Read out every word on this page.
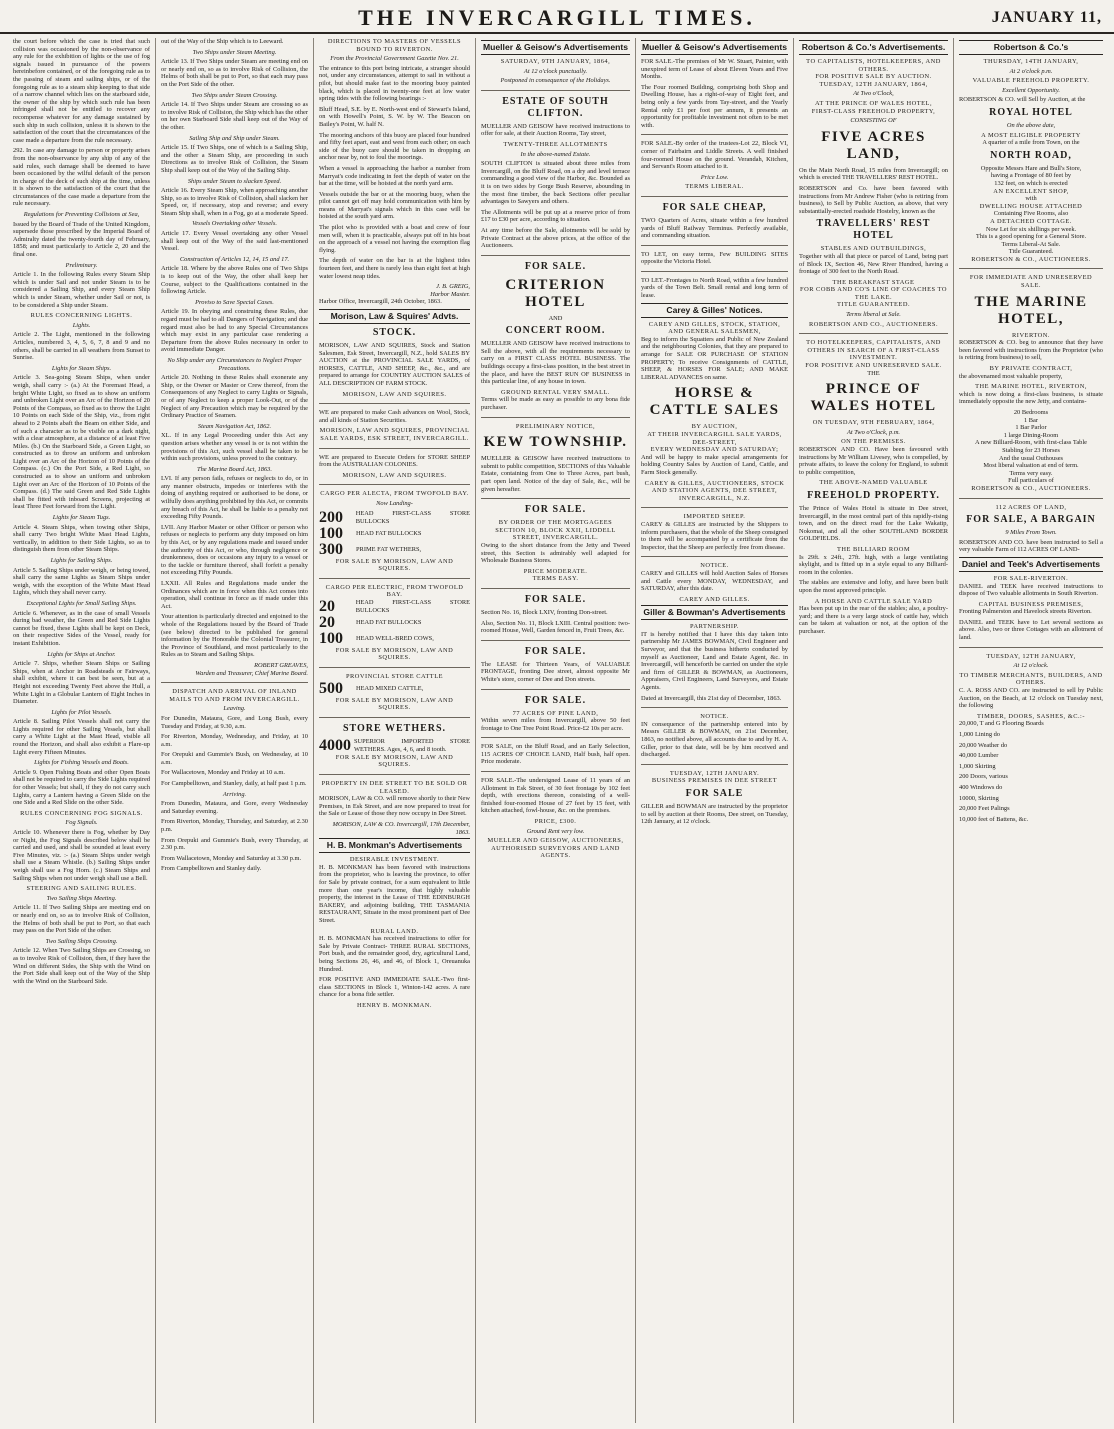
THE INVERCARGILL TIMES.	JANUARY 11,
the court before which the case is tried that such collision was occasioned by the non-observance of any rule for the exhibition of lights or the use of fog signals issued in pursuance of the powers hereinbefore contained, or of the foregoing rule as to the passing of steam and sailing ships, or of the foregoing rule as to a steam ship keeping to that side of a narrow channel which lies on the starboard side, the owner of the ship by which such rule has been infringed shall not be entitled to recover any recompense whatever for any damage sustained by such ship in such collision, unless it is shown to the satisfaction of the court that the circumstances of the case made a departure from the rule necessary.
292. In case any damage to person or property arises from the non-observance by any ship of any of the said rules, such damage shall be deemed to have been occasioned by the wilful default of the person in charge of the deck of such ship at the time, unless it is shown to the satisfaction of the court that the circumstances of the case made a departure from the rule necessary.
Regulations for Preventing Collisions at Sea,
Issued by the Board of Trade of the United Kingdom, supersede those prescribed by the Imperial Board of Admiralty dated the twenty-fourth day of February, 1858; and must particularly to Article 2, 20 and the final one.
Preliminary.
Article 1. In the following Rules every Steam Ship which is under Sail and not under Steam is to be considered a Sailing Ship, and every Steam Ship which is under Steam, whether under Sail or not, is to be considered a Ship under Steam.
RULES CONCERNING LIGHTS.
Lights.
Article 2. The Light, mentioned in the following Articles, numbered 3, 4, 5, 6, 7, 8 and 9 and no others, shall be carried in all weathers from Sunset to Sunrise.
Lights for Steam Ships.
Article 3. Sea-going Steam Ships, when under weigh, shall carry :- (a.) At the Foremast Head, a bright White Light, so fixed as to show an uniform and unbroken Light over an Arc of the Horizon of 20 Points of the Compass, so fixed as to throw the Light 10 Points on each Side of the Ship, viz., from right ahead to 2 Points abaft the Beam on either Side, and of such a character as to be visible on a dark night, with a clear atmosphere, at a distance of at least Five Miles. (b.) On the Starboard Side, a Green Light, so constructed as to throw an uniform and unbroken Light over an Arc of the Horizon of 10 Points of the Compass. (c.) On the Port Side, a Red Light, so constructed as to show an uniform and unbroken Light over an Arc of the Horizon of 10 Points of the Compass. (d.) The said Green and Red Side Lights shall be fitted with inboard Screens, projecting at least Three Feet forward from the Light.
Lights for Steam Tugs.
Article 4. Steam Ships, when towing other Ships, shall carry Two bright White Mast Head Lights, vertically, in addition to their Side Lights, so as to distinguish them from other Steam Ships.
Lights for Sailing Ships.
Article 5. Sailing Ships under weigh, or being towed, shall carry the same Lights as Steam Ships under weigh, with the exception of the White Mast Head Lights, which they shall never carry.
Exceptional Lights for Small Sailing Ships.
Article 6. Whenever, as in the case of small Vessels during bad weather, the Green and Red Side Lights cannot be fixed, these Lights shall be kept on Deck, on their respective Sides of the Vessel, ready for instant Exhibition.
Lights for Ships at Anchor.
Article 7. Ships, whether Steam Ships or Sailing Ships, when at Anchor in Roadsteads or Fairways, shall exhibit, where it can best be seen, but at a Height not exceeding Twenty Feet above the Hull, a White Light in a Globular Lantern of Eight Inches in Diameter.
Lights for Pilot Vessels.
Article 8. Sailing Pilot Vessels shall not carry the Lights required for other Sailing Vessels, but shall carry a White Light at the Mast Head, visible all round the Horizon, and shall also exhibit a Flare-up Light every Fifteen Minutes.
Lights for Fishing Vessels and Boats.
Article 9. Open Fishing Boats and other Open Boats shall not be required to carry the Side Lights required for other Vessels; but shall, if they do not carry such Lights, carry a Lantern having a Green Slide on the one Side and a Red Slide on the other Side.
RULES CONCERNING FOG SIGNALS.
Fog Signals.
Article 10. Whenever there is Fog, whether by Day or Night, the Fog Signals described below shall be carried and used, and shall be sounded at least every Five Minutes, viz. :- (a.) Steam Ships under weigh shall use a Steam Whistle. (b.) Sailing Ships under weigh shall use a Fog Horn. (c.) Steam Ships and Sailing Ships when not under weigh shall use a Bell.
STEERING AND SAILING RULES.
Two Sailing Ships Meeting.
Article 11. If Two Sailing Ships are meeting end on or nearly end on, so as to involve Risk of Collision, the Helms of both shall be put to Port, so that each may pass on the Port Side of the other.
Two Sailing Ships Crossing.
Article 12. When Two Sailing Ships are Crossing, so as to involve Risk of Collision, then, if they have the Wind on different Sides, the Ship with the Wind on the Port Side shall keep out of the Way of the Ship with the Wind on the Starboard Side.
out of the Way of the Ship which is to Leeward.
Two Ships under Steam Meeting.
Article 13. If Two Ships under Steam are meeting end on or nearly end on, so as to involve Risk of Collision, the Helms of both shall be put to Port, so that each may pass on the Port Side of the other.
Two Ships under Steam Crossing.
Article 14. If Two Ships under Steam are crossing so as to involve Risk of Collision, the Ship which has the other on her own Starboard Side shall keep out of the Way of the other.
Sailing Ship and Ship under Steam.
Article 15. If Two Ships, one of which is a Sailing Ship, and the other a Steam Ship, are proceeding in such Directions as to involve Risk of Collision, the Steam Ship shall keep out of the Way of the Sailing Ship.
Ships under Steam to slacken Speed.
Article 16. Every Steam Ship, when approaching another Ship, so as to involve Risk of Collision, shall slacken her Speed, or, if necessary, stop and reverse; and every Steam Ship shall, when in a Fog, go at a moderate Speed.
Vessels Overtaking other Vessels.
Article 17. Every Vessel overtaking any other Vessel shall keep out of the Way of the said last-mentioned Vessel.
Construction of Articles 12, 14, 15 and 17.
Article 18. Where by the above Rules one of Two Ships is to keep out of the Way, the other shall keep her Course, subject to the Qualifications contained in the following Article.
Proviso to Save Special Cases.
Article 19. In obeying and construing these Rules, due regard must be had to all Dangers of Navigation; and due regard must also be had to any Special Circumstances which may exist in any particular case rendering a Departure from the above Rules necessary in order to avoid immediate Danger.
No Ship under any Circumstances to Neglect Proper Precautions.
Article 20. Nothing in these Rules shall exonerate any Ship, or the Owner or Master or Crew thereof, from the Consequences of any Neglect to carry Lights or Signals, or of any Neglect to keep a proper Look-Out, or of the Neglect of any Precaution which may be required by the Ordinary Practice of Seamen.
Steam Navigation Act, 1862.
XL. If in any Legal Proceeding under this Act any question arises whether any vessel is or is not within the provisions of this Act, such vessel shall be taken to be within such provisions, unless proved to the contrary.
The Marine Board Act, 1863.
LVI. If any person fails, refuses or neglects to do, or in any manner obstructs, impedes or interferes with the doing of anything required or authorised to be done, or wilfully does anything prohibited by this Act, or commits any breach of this Act, he shall be liable to a penalty not exceeding Fifty Pounds.
LVII. Any Harbor Master or other Officer or person who refuses or neglects to perform any duty imposed on him by this Act, or by any regulations made and issued under the authority of this Act, or who, through negligence or drunkenness, does or occasions any injury to a vessel or to the tackle or furniture thereof, shall forfeit a penalty not exceeding Fifty Pounds.
LXXII. All Rules and Regulations made under the Ordinances which are in force when this Act comes into operation, shall continue in force as if made under this Act.
Your attention is particularly directed and enjoined to the whole of the Regulations issued by the Board of Trade (see below) directed to be published for general information by the Honorable the Colonial Treasurer, in the Province of Southland, and most particularly to the Rules as to Steam and Sailing Ships.
ROBERT GREAVES,
Warden and Treasurer, Chief Marine Board.
DISPATCH AND ARRIVAL OF INLAND MAILS TO AND FROM INVERCARGILL.
Leaving.
For Dunedin, Mataura, Gore, and Long Bush, every Tuesday and Friday, at 9.30, a.m.
For Riverton, Monday, Wednesday, and Friday, at 10 a.m.
For Orepuki and Gummie's Bush, on Wednesday, at 10 a.m.
For Wallacetown, Monday and Friday at 10 a.m.
For Campbelltown, and Stanley, daily, at half past 1 p.m.
Arriving.
From Dunedin, Mataura, and Gore, every Wednesday and Saturday evening.
From Riverton, Monday, Thursday, and Saturday, at 2.30 p.m.
From Orepuki and Gummie's Bush, every Thursday, at 2.30 p.m.
From Wallacetown, Monday and Saturday at 3.30 p.m.
From Campbelltown and Stanley daily.
DIRECTIONS TO MASTERS OF VESSELS BOUND TO RIVERTON.
From the Provincial Government Gazette Nov. 21.
The entrance to this port being intricate, a stranger should not, under any circumstances, attempt to sail in without a pilot, but should make fast to the mooring buoy painted black, which is placed in twenty-one feet at low water spring tides with the following bearings :-
Bluff Head, S.E. by E. North-west end of Stewart's Island, on with Howell's Point, S. W. by W. The Beacon on Bailey's Point, W. half N.
The mooring anchors of this buoy are placed four hundred and fifty feet apart, east and west from each other; on each side of the buoy care should be taken in dropping an anchor near by, not to foul the moorings.
When a vessel is approaching the harbor a number from Marryat's code indicating in feet the depth of water on the bar at the time, will be hoisted at the north yard arm.
Vessels outside the bar or at the mooring buoy, when the pilot cannot get off may hold communication with him by means of Marryat's signals which in this case will be hoisted at the south yard arm.
The pilot who is provided with a boat and crew of four men will, when it is practicable, always put off in his boat on the approach of a vessel not having the exemption flag flying.
The depth of water on the bar is at the highest tides fourteen feet, and there is rarely less than eight feet at high water lowest neap tides.
J. B. GREIG,
Harbor Master.
Harbor Office, Invercargill, 24th October, 1863.
Morison, Law & Squires' Advts.
STOCK.
MORISON, LAW AND SQUIRES, Stock and Station Salesmen, Esk Street, Invercargill, N.Z., hold SALES BY AUCTION at the PROVINCIAL SALE YARDS, of HORSES, CATTLE, AND SHEEP, &c., &c., and are prepared to arrange for COUNTRY AUCTION SALES of ALL DESCRIPTION OF FARM STOCK.
MORISON, LAW AND SQUIRES.
WE are prepared to make Cash advances on Wool, Stock, and all kinds of Station Securities.
MORISON, LAW AND SQUIRES, PROVINCIAL SALE YARDS, ESK STREET, INVERCARGILL.
WE are prepared to Execute Orders for STORE SHEEP from the AUSTRALIAN COLONIES.
MORISON, LAW AND SQUIRES.
CARGO PER ALECTA, FROM TWOFOLD BAY.
Now Landing-
200	HEAD FIRST-CLASS STORE BULLOCKS
100	HEAD FAT BULLOCKS
300	PRIME FAT WETHERS,
FOR SALE BY MORISON, LAW AND SQUIRES.
CARGO PER ELECTRIC, FROM TWOFOLD BAY.
20	HEAD FIRST-CLASS STORE BULLOCKS
20	HEAD FAT BULLOCKS
100	HEAD WELL-BRED COWS,
FOR SALE BY MORISON, LAW AND SQUIRES.
PROVINCIAL STORE CATTLE
500	HEAD MIXED CATTLE,
FOR SALE BY MORISON, LAW AND SQUIRES.
STORE WETHERS.
4000 SUPERIOR IMPORTED STORE WETHERS. Ages, 4, 6, and 8 tooth.
FOR SALE BY MORISON, LAW AND SQUIRES.
PROPERTY IN DEE STREET TO BE SOLD OR LEASED.
MORISON, LAW & CO. will remove shortly to their New Premises, in Esk Street, and are now prepared to treat for the Sale or Lease of those they now occupy in Dee Street.
MORISON, LAW & CO. Invercargill, 17th December, 1863.
H. B. Monkman's Advertisements
DESIRABLE INVESTMENT.
H. B. MONKMAN has been favored with instructions from the proprietor, who is leaving the province, to offer for Sale by private contract, for a sum equivalent to little more than one year's income, that highly valuable property, the interest in the Lease of THE EDINBURGH BAKERY, and adjoining building, THE TASMANIA RESTAURANT, Situate in the most prominent part of Dee Street.
RURAL LAND.
H. B. MONKMAN has received instructions to offer for Sale by Private Contract- THREE RURAL SECTIONS, Port bush, and the remainder good, dry, agricultural Land, being Sections 26, 46, and 46, of Block 1, Oreuanuka Hundred.
FOR POSITIVE AND IMMEDIATE SALE.-Two first-class SECTIONS in Block 1, Winton-142 acres. A rare chance for a bona fide settler.
HENRY B. MONKMAN.
Mueller & Geisow's Advertisements
SATURDAY, 9TH JANUARY, 1864,
At 12 o'clock punctually.
Postponed in consequence of the Holidays.
ESTATE OF SOUTH CLIFTON.
MUELLER AND GEISOW have received instructions to offer for sale, at their Auction Rooms, Tay street,
TWENTY-THREE ALLOTMENTS
In the above-named Estate.
SOUTH CLIFTON is situated about three miles from Invercargill, on the Bluff Road, on a dry and level terrace commanding a good view of the Harbor, &c. Bounded as it is on two sides by Gorge Bush Reserve, abounding in the most fine timber, the back Sections offer peculiar advantages to Sawyers and others.
The Allotments will be put up at a reserve price of from £17 to £30 per acre, according to situation.
At any time before the Sale, allotments will be sold by Private Contract at the above prices, at the office of the Auctioneers.
FOR SALE.
CRITERION HOTEL
AND
CONCERT ROOM.
MUELLER AND GEISOW have received instructions to Sell the above, with all the requirements necessary to carry on a FIRST CLASS HOTEL BUSINESS. The buildings occupy a first-class position, in the best street in the place, and have the BEST RUN OF BUSINESS in this particular line, of any house in town.
GROUND RENTAL VERY SMALL.
Terms will be made as easy as possible to any bona fide purchaser.
PRELIMINARY NOTICE,
KEW TOWNSHIP.
MUELLER & GEISOW have received instructions to submit to public competition, SECTIONS of this Valuable Estate, containing from One to Three Acres, part bush, part open land. Notice of the day of Sale, &c., will be given hereafter.
FOR SALE.
BY ORDER OF THE MORTGAGEES
SECTION 10, BLOCK XXII, LIDDELL STREET, INVERCARGILL.
Owing to the short distance from the Jetty and Tweed street, this Section is admirably well adapted for Wholesale Business Stores.
PRICE MODERATE.
TERMS EASY.
FOR SALE.
Section No. 16, Block LXIV, fronting Don-street.
Also, Section No. 11, Block LXIII. Central position: two-roomed House, Well, Garden fenced in, Fruit Trees, &c.
FOR SALE.
The LEASE for Thirteen Years, of VALUABLE FRONTAGE, fronting Dee street, almost opposite Mr White's store, corner of Dee and Don streets.
FOR SALE.
77 ACRES OF PINE LAND,
Within seven miles from Invercargill, above 50 feet frontage to One Tree Point Road. Price-£2 10s per acre.
FOR SALE, on the Bluff Road, and an Early Selection, 115 ACRES OF CHOICE LAND, Half bush, half open. Price moderate.
FOR SALE.-The undersigned Lease of 11 years of an Allotment in Esk Street, of 30 feet frontage by 102 feet depth, with erections thereon, consisting of a well-finished four-roomed House of 27 feet by 15 feet, with kitchen attached, fowl-house, &c. on the premises.
PRICE, £300.
Ground Rent very low.
MUELLER AND GEISOW, AUCTIONEERS, AUTHORISED SURVEYORS AND LAND AGENTS.
Mueller & Geisow's Advertisements
FOR SALE.-The premises of Mr W. Stuart, Painter, with unexpired term of Lease of about Eleven Years and Five Months.
The Four roomed Building, comprising both Shop and Dwelling House, has a right-of-way of Eight feet, and being only a few yards from Tay-street, and the Yearly Rental only £1 per foot per annum, it presents an opportunity for profitable investment not often to be met with.
FOR SALE.-By order of the trustees-Lot 22, Block VI, corner of Fairbairn and Liddle Streets. A well finished four-roomed House on the ground. Verandah, Kitchen, and Servant's Room attached to it.
Price Low.
TERMS LIBERAL.
FOR SALE CHEAP,
TWO Quarters of Acres, situate within a few hundred yards of Bluff Railway Terminus. Perfectly available, and commanding situation.
TO LET, on easy terms, Few BUILDING SITES opposite the Victoria Hotel.
TO LET.-Frontages to North Road, within a few hundred yards of the Town Belt. Small rental and long term of lease.
Carey & Gilles' Notices.
CAREY AND GILLES, STOCK, STATION, AND GENERAL SALESMEN,
Beg to inform the Squatters and Public of New Zealand and the neighbouring Colonies, that they are prepared to arrange for SALE OR PURCHASE OF STATION PROPERTY; To receive Consignments of CATTLE, SHEEP, & HORSES FOR SALE; AND MAKE LIBERAL ADVANCES on same.
HORSE & CATTLE SALES
BY AUCTION,
AT THEIR INVERCARGILL SALE YARDS,
DEE-STREET,
EVERY WEDNESDAY AND SATURDAY;
And will be happy to make special arrangements for holding Country Sales by Auction of Land, Cattle, and Farm Stock generally.
CAREY & GILLES, AUCTIONEERS, STOCK AND STATION AGENTS, DEE STREET, INVERCARGILL, N.Z.
IMPORTED SHEEP.
CAREY & GILLES are instructed by the Shippers to inform purchasers, that the whole of the Sheep consigned to them will be accompanied by a certificate from the Inspector, that the Sheep are perfectly free from disease.
NOTICE.
CAREY and GILLES will hold Auction Sales of Horses and Cattle every MONDAY, WEDNESDAY, and SATURDAY, after this date.
CAREY AND GILLES.
Giller & Bowman's Advertisements
PARTNERSHIP.
IT is hereby notified that I have this day taken into partnership Mr JAMES BOWMAN, Civil Engineer and Surveyor, and that the business hitherto conducted by myself as Auctioneer, Land and Estate Agent, &c. in Invercargill, will henceforth be carried on under the style and firm of GILLER & BOWMAN, as Auctioneers, Appraisers, Civil Engineers, Land Surveyors, and Estate Agents.
Dated at Invercargill, this 21st day of December, 1863.
NOTICE.
IN consequence of the partnership entered into by Messrs GILLER & BOWMAN, on 21st December, 1863, no notified above, all accounts due to and by H. A. Giller, prior to that date, will be by him received and discharged.
TUESDAY, 12TH JANUARY.
BUSINESS PREMISES IN DEE STREET
FOR SALE
GILLER and BOWMAN are instructed by the proprietor to sell by auction at their Rooms, Dee street, on Tuesday, 12th January, at 12 o'clock.
Robertson & Co.'s Advertisements.
TO CAPITALISTS, HOTELKEEPERS, AND OTHERS.
FOR POSITIVE SALE BY AUCTION.
TUESDAY, 12TH JANUARY, 1864,
At Two o'Clock,
AT THE PRINCE OF WALES HOTEL,
FIRST-CLASS FREEHOLD PROPERTY,
CONSISTING OF
FIVE ACRES LAND,
On the Main North Road, 15 miles from Invercargill; on which is erected THE TRAVELLERS' REST HOTEL.
ROBERTSON and Co. have been favored with instructions from Mr Andrew Fisher (who is retiring from business), to Sell by Public Auction, as above, that very substantially-erected roadside Hostelry, known as the
TRAVELLERS' REST HOTEL
STABLES AND OUTBUILDINGS,
Together with all that piece or parcel of Land, being part of Block IX, Section 46, New River Hundred, having a frontage of 300 feet to the North Road.
THE BREAKFAST STAGE
FOR COBB AND CO'S LINE OF COACHES TO THE LAKE.
TITLE GUARANTEED.
Terms liberal at Sale.
ROBERTSON AND CO., AUCTIONEERS.
TO HOTELKEEPERS, CAPITALISTS, AND OTHERS IN SEARCH OF A FIRST-CLASS INVESTMENT.
FOR POSITIVE AND UNRESERVED SALE.
THE
PRINCE OF WALES HOTEL
ON TUESDAY, 9TH FEBRUARY, 1864,
At Two o'Clock, p.m.
ON THE PREMISES.
ROBERTSON AND CO. Have been favoured with instructions by Mr William Livesey, who is compelled, by private affairs, to leave the colony for England, to submit to public competition,
THE ABOVE-NAMED VALUABLE
FREEHOLD PROPERTY.
The Prince of Wales Hotel is situate in Dee street, Invercargill, in the most central part of this rapidly-rising town, and on the direct road for the Lake Wakatip, Nokomai, and all the other SOUTHLAND BORDER GOLDFIELDS.
THE BILLIARD ROOM
Is 29ft. x 24ft., 27ft. high, with a large ventilating skylight, and is fitted up in a style equal to any Billiard-room in the colonies.
The stables are extensive and lofty, and have been built upon the most approved principle.
A HORSE AND CATTLE SALE YARD
Has been put up in the rear of the stables; also, a poultry-yard; and there is a very large stock of cattle hay, which can be taken at valuation or not, at the option of the purchaser.
Robertson & Co.'s
THURSDAY, 14TH JANUARY,
At 2 o'clock p.m.
VALUABLE FREEHOLD PROPERTY.
Excellent Opportunity.
ROBERTSON & CO. will Sell by Auction, at the
ROYAL HOTEL
On the above date,
A MOST ELIGIBLE PROPERTY
A quarter of a mile from Town, on the
NORTH ROAD,
Opposite Messrs Hare and Bull's Store,
having a Frontage of 80 feet by
132 feet, on which is erected
AN EXCELLENT SHOP,
with
DWELLING HOUSE ATTACHED
Containing Five Rooms, also
A DETACHED COTTAGE.
Now Let for six shillings per week.
This is a good opening for a General Store.
Terms Liberal-At Sale.
Title Guaranteed.
ROBERTSON & CO., AUCTIONEERS.
FOR IMMEDIATE AND UNRESERVED SALE.
THE MARINE HOTEL,
RIVERTON.
ROBERTSON & CO. beg to announce that they have been favored with instructions from the Proprietor (who is retiring from business) to sell,
BY PRIVATE CONTRACT,
the abovenamed most valuable property,
THE MARINE HOTEL, RIVERTON,
which is now doing a first-class business, is situate immediately opposite the new Jetty, and contains-
20 Bedrooms
1 Bar
1 Bar Parlor
1 large Dining-Room
A new Billiard-Room, with first-class Table
Stabling for 23 Horses
And the usual Outhouses
Most liberal valuation at end of term.
Terms very easy.
Full particulars of
ROBERTSON & CO., AUCTIONEERS.
112 ACRES OF LAND,
FOR SALE, A BARGAIN
9 Miles From Town.
ROBERTSON AND CO. have been instructed to Sell a very valuable Farm of 112 ACRES OF LAND-
Daniel and Teek's Advertisements
FOR SALE-RIVERTON.
DANIEL and TEEK have received instructions to dispose of Two valuable allotments in South Riverton.
CAPITAL BUSINESS PREMISES,
Fronting Palmerston and Havelock streets Riverton.
DANIEL and TEEK have to Let several sections as above. Also, two or three Cottages with an allotment of land.
TUESDAY, 12TH JANUARY,
At 12 o'clock.
TO TIMBER MERCHANTS, BUILDERS, AND OTHERS.
C. A. ROSS AND CO. are instructed to sell by Public Auction, on the Beach, at 12 o'clock on Tuesday next, the following
TIMBER, DOORS, SASHES, &C.:-
20,000, T and G Flooring Boards
1,000 Lining do
20,000 Weather do
40,000 Lumber
1,000 Skirting
200 Doors, various
400 Windows do
10000, Skirting
20,000 Feet Palings
10,000 feet of Battens, &c.
